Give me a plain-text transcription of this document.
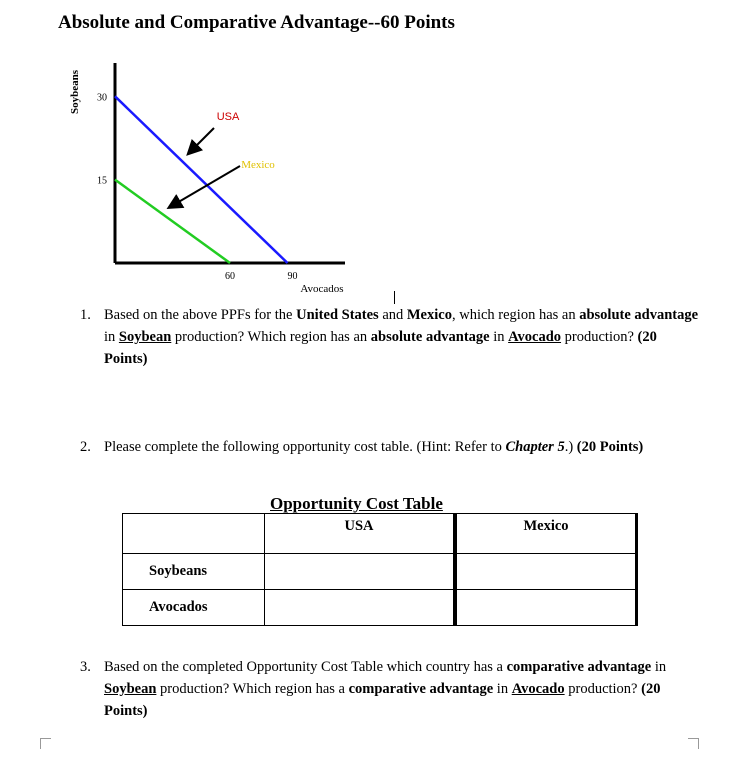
Absolute and Comparative Advantage--60 Points
30
15
60	90
Avocados
Soybeans
USA
Mexico
1. Based on the above PPFs for the United States and Mexico, which region has an absolute advantage in Soybean production? Which region has an absolute advantage in Avocado production? (20 Points)
2. Please complete the following opportunity cost table. (Hint: Refer to Chapter 5.) (20 Points)
Opportunity Cost Table
	USA	Mexico
Soybeans		
Avocados		
3. Based on the completed Opportunity Cost Table which country has a comparative advantage in Soybean production? Which region has a comparative advantage in Avocado production? (20 Points)
